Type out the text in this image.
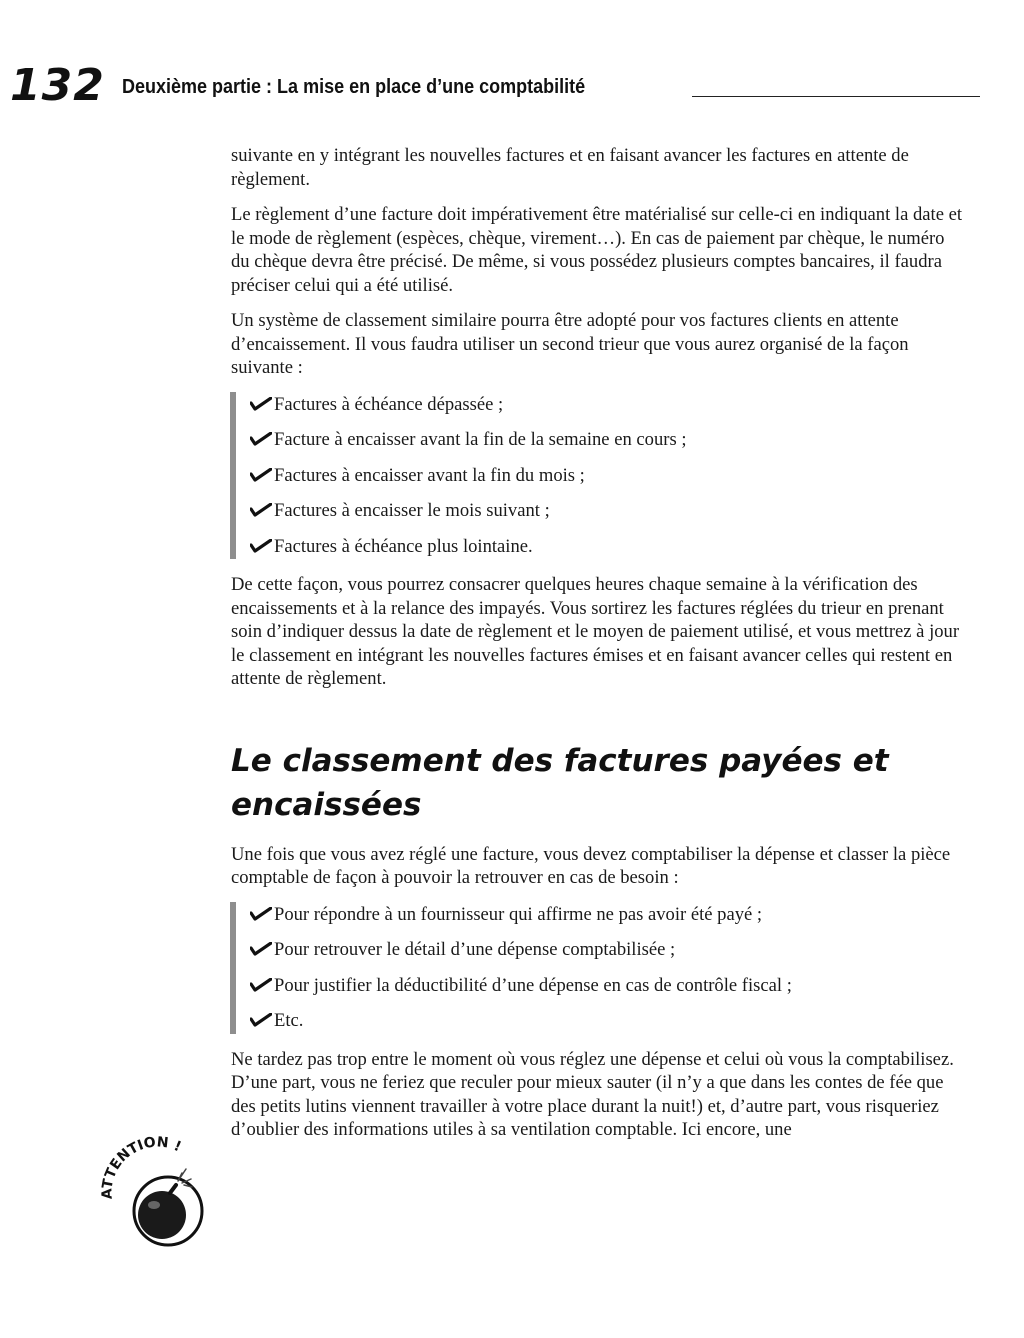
132 Deuxième partie : La mise en place d’une comptabilité

suivante en y intégrant les nouvelles factures et en faisant avancer les factures en attente de règlement.

Le règlement d’une facture doit impérativement être matérialisé sur celle-ci en indiquant la date et le mode de règlement (espèces, chèque, virement…). En cas de paiement par chèque, le numéro du chèque devra être précisé. De même, si vous possédez plusieurs comptes bancaires, il faudra préciser celui qui a été utilisé.

Un système de classement similaire pourra être adopté pour vos factures clients en attente d’encaissement. Il vous faudra utiliser un second trieur que vous aurez organisé de la façon suivante :

Factures à échéance dépassée ;
Facture à encaisser avant la fin de la semaine en cours ;
Factures à encaisser avant la fin du mois ;
Factures à encaisser le mois suivant ;
Factures à échéance plus lointaine.

De cette façon, vous pourrez consacrer quelques heures chaque semaine à la vérification des encaissements et à la relance des impayés. Vous sortirez les factures réglées du trieur en prenant soin d’indiquer dessus la date de règlement et le moyen de paiement utilisé, et vous mettrez à jour le classement en intégrant les nouvelles factures émises et en faisant avancer celles qui restent en attente de règlement.

Le classement des factures payées et encaissées

Une fois que vous avez réglé une facture, vous devez comptabiliser la dépense et classer la pièce comptable de façon à pouvoir la retrouver en cas de besoin :

Pour répondre à un fournisseur qui affirme ne pas avoir été payé ;
Pour retrouver le détail d’une dépense comptabilisée ;
Pour justifier la déductibilité d’une dépense en cas de contrôle fiscal ;
Etc.

Ne tardez pas trop entre le moment où vous réglez une dépense et celui où vous la comptabilisez. D’une part, vous ne feriez que reculer pour mieux sauter (il n’y a que dans les contes de fée que des petits lutins viennent travailler à votre place durant la nuit!) et, d’autre part, vous risqueriez d’oublier des informations utiles à sa ventilation comptable. Ici encore, une

ATTENTION !
